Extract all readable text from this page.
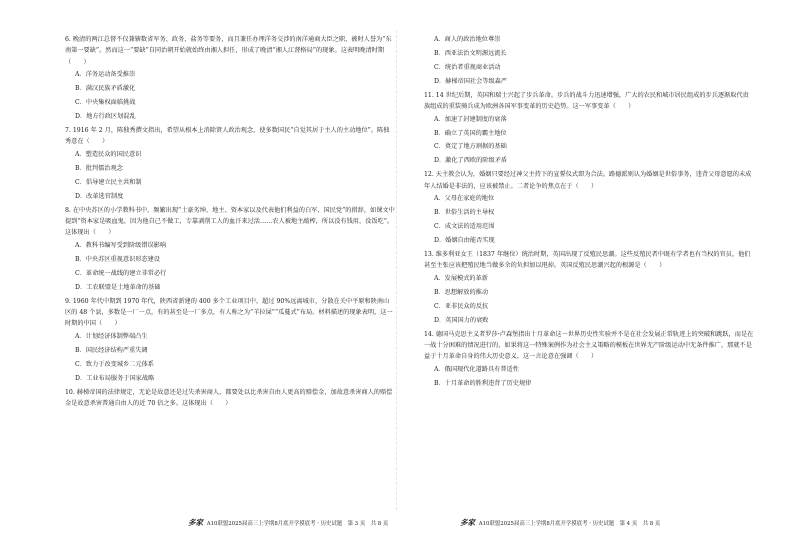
6. 晚清的两江总督不仅兼辖数省军务、政务、盐务等要务，而且兼任办理洋务交涉的南洋通商大臣之职，被时人誉为“东南第一要缺”。然而这一“要缺”自同治朝开始就始终由湘人担任，形成了晚清“湘人江督格局”的现象。这表明晚清时期（　　）
A．洋务运动备受推崇
B．满汉民族矛盾激化
C．中央集权面临挑战
D．地方行政区划混乱
7. 1916 年 2 月，陈独秀撰文指出，希望从根本上消除贤人政治观念，使多数国民“自觉其居于主人的主动地位”。陈独秀意在（　　）
A．塑造民众的国民意识
B．批判儒治观念
C．倡导建立民主共和制
D．改革选官制度
8. 在中央苏区的小学教科书中，频繁出现“土豪劣绅、地主、资本家以及代表他们利益的白军、国民党”的措辞，如课文中提到“资本家是吸血鬼，因为他自己不做工，专靠剥削工人的血汗来过活……农人被地主敲榨，所以没有钱用，没饭吃”。这体现出（　　）
A．教科书编写受到阶级错误影响
B．中央苏区重视意识形态建设
C．革命统一战线的建立非常必行
D．工农联盟是土地革命的基础
9. 1960 年代中期到 1970 年代，陕西省新建的 400 多个工业项目中，超过 90%远离城市，分散在关中平原和陕南山区的 48 个县，多数是一厂一点，有的甚至是一厂多点，有人称之为“羊拉屎”“瓜蔓式”布局。材料描述的现象表明，这一时期的中国（　　）
A．计划经济体制弊端凸生
B．国民经济结构严重失调
C．致力于改变城乡二元体系
D．工业布局服务于国家战略
10. 赫梯帝国的法律规定，无论是故意还是过失杀害商人，都要处以比杀害自由人更高的赔偿金，加故意杀害商人的赔偿金是故意杀害普通自由人的近 70 倍之多。这体现出（　　）
多家 A10联盟2025届高三上学期8月底开学摸底考 · 历史试题　第 3 页　共 8 页
A．商人的政治地位尊崇
B．西亚法治文明源远流长
C．统治者重视商业活动
D．赫梯帝国社会等级森严
11. 14 世纪后期，英国和瑞士兴起了步兵革命。步兵的战斗力迅速增强，广大的农民和城市居民组成的步兵逐渐取代贵族组成的重装骑兵成为欧洲各国军事变革的历史趋势。这一军事变革（　　）
A．加速了封建制度的衰落
B．确立了英国的霸主地位
C．奠定了地方割据的基础
D．激化了西欧的阶级矛盾
12. 天主教会认为，婚姻只要经过神父主持下的宣誓仪式即为合法。路德派则认为婚姻是世俗事务，违背父母意愿的未成年人结婚是非法的，应该被禁止。二者论争的焦点在于（　　）
A．父母在家庭的地位
B．世俗生活的主导权
C．成文法的适用范围
D．婚姻自由能否实现
13. 维多利亚女王（1837 年继位）统治时期，英国出现了反殖民思潮。这些反殖民者中既有学者也有当权的官员，他们甚至主张应该把殖民地当做多余的负担加以甩掉。英国反殖民思潮兴起的根源是（　　）
A．发展模式的革新
B．思想解放的推动
C．亚非民众的反抗
D．英国国力的衰败
14. 德国马克思主义者罗莎·卢森堡指出十月革命这一世界历史性实验并不是在社会发展正常轨迹上的突破和跳跃，而是在一战十分困难的情况进行的，如果将这一特殊案例作为社会主义策略的模板在世界无产阶级运动中无条件推广，那就不是益于十月革命自身的伟大历史意义。这一言论意在强调（　　）
A．俄国现代化道路具有普适性
B．十月革命的胜利违背了历史规律
多家 A10联盟2025届高三上学期8月底开学摸底考 · 历史试题　第 4 页　共 8 页
